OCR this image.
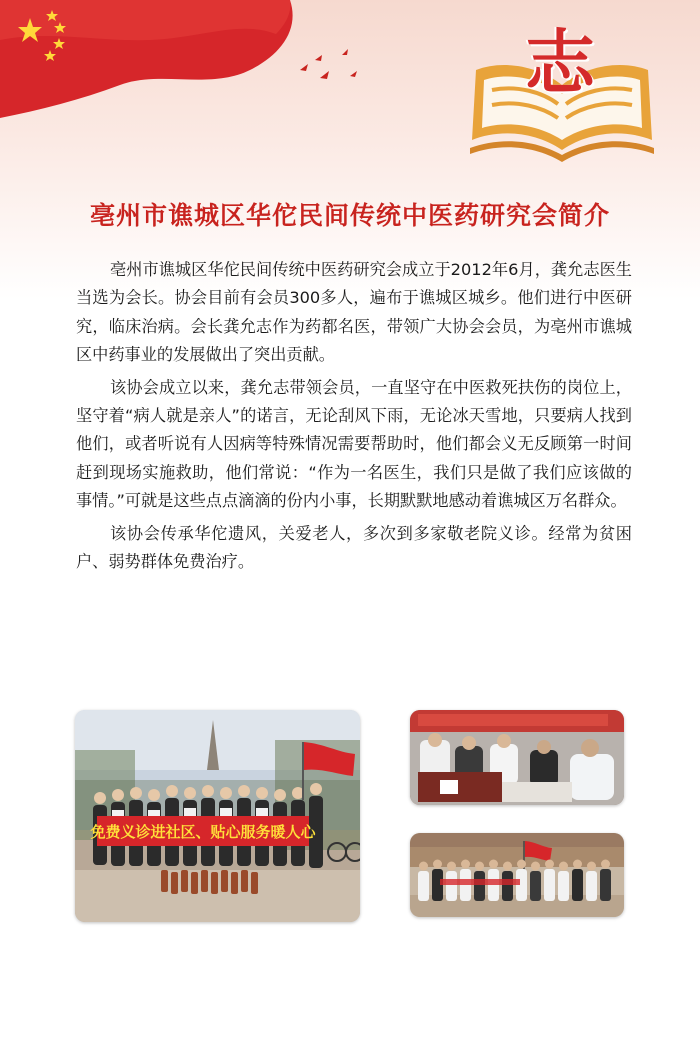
志
亳州市谯城区华佗民间传统中医药研究会简介

亳州市谯城区华佗民间传统中医药研究会成立于2012年6月，龚允志医生当选为会长。协会目前有会员300多人，遍布于谯城区城乡。他们进行中医研究，临床治病。会长龚允志作为药都名医，带领广大协会会员，为亳州市谯城区中药事业的发展做出了突出贡献。

该协会成立以来，龚允志带领会员，一直坚守在中医救死扶伤的岗位上，坚守着“病人就是亲人”的诺言，无论刮风下雨，无论冰天雪地，只要病人找到他们，或者听说有人因病等特殊情况需要帮助时，他们都会义无反顾第一时间赶到现场实施救助，他们常说：“作为一名医生，我们只是做了我们应该做的事情。”可就是这些点点滴滴的份内小事，长期默默地感动着谯城区万名群众。

该协会传承华佗遗风，关爱老人，多次到多家敬老院义诊。经常为贫困户、弱势群体免费治疗。

免费义诊进社区、贴心服务暖人心
